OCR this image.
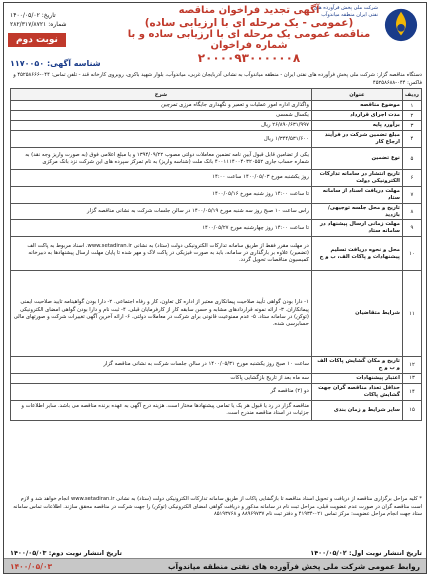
شرکت ملی پخش فرآورده های نفتی ایران منطقه میاندوآب
آگهی تجدید فراخوان مناقصه
(عمومی - یک مرحله ای با ارزیابی ساده)
مناقصه عمومی یک مرحله ای با ارزیابی ساده و با شماره فراخوان
۲۰۰۰۰۹۳۰۰۰۰۰۰۸
تاریخ: ۱۴۰۰/۰۵/۰۲
شماره: ۲۸۲/۳۱۷/۸۷۲۱
نوبت دوم
شناسه آگهی: ۱۱۷۰۰۵۰
دستگاه مناقصه گزار: شرکت ملی پخش فرآورده های نفتی ایران - منطقه میاندوآب به نشانی آذربایجان غربی، میاندوآب، بلوار شهید باکری، روبروی کارخانه قند - تلفن تماس: ۰۴۴-۴۵۲۵۸۶۶۶ و فاکس: ۰۴۴-۴۵۲۵۸۶۸۸
ردیف	عنوان	شرح
۱	موضوع مناقصه	واگذاری اداره امور عملیات و تعمیر و نگهداری جایگاه مرزی تمرچین
۲	مدت اجرای قرارداد	یکسال شمسی
۳	برآورد پایه	۲۶/۸۹۰/۶۳۱/۹۹۷ ریال
۴	مبلغ تضمین شرکت در فرآیند ارجاع کار	۱/۳۴۴/۵۳۱/۶۰۰ ریال
۵	نوع تضمین	یکی از تضامین قابل قبول آیین نامه تضمین معاملات دولتی مصوب ۱۳۹۴/۰۹/۲۲ و یا مبلغ اعلامی فوق (به صورت واریز وجه نقد) به شماره حساب جاری ۴۰۰۱۱۱۴۰۰۴۰۳۲۰۵۵۲ بانک ملت (شناسه واریز) به نام تمرکز سپرده های این شرکت نزد بانک مرکزی
۶	تاریخ انتشار در سامانه تدارکات الکترونیکی دولت	روز یکشنبه مورخ ۱۴۰۰/۰۵/۰۳ ساعت ۱۴:۰۰
۷	مهلت دریافت اسناد از سامانه ستاد	تا ساعت ۱۴:۰۰ روز شنبه مورخ ۱۴۰۰/۰۵/۱۶
۸	تاریخ و محل جلسه توجیهی/بازدید	راس ساعت ۱۰ صبح روز سه شنبه مورخ ۱۴۰۰/۰۵/۱۹ در سالن جلسات شرکت به نشانی مناقصه گزار
۹	مهلت زمانی ارسال پیشنهاد در سامانه ستاد	تا ساعت ۱۴:۰۰ روز چهارشنبه مورخ ۱۴۰۰/۰۵/۲۷
۱۰	محل و نحوه دریافت تسلیم پیشنهادات و پاکات الف، ب و ج	در مهلت مقرر فقط از طریق سامانه تدارکات الکترونیکی دولت (ستاد) به نشانی www.setadiran.ir. اسناد مربوط به پاکت الف (تضمین) علاوه بر بارگذاری در سامانه، باید به صورت فیزیکی در پاکت لاک و مهر شده تا پایان مهلت ارسال پیشنهادها به دبیرخانه کمیسیون مناقصات تحویل گردد.
۱۱	شرایط متقاضیان	۱- دارا بودن گواهی تأیید صلاحیت پیمانکاری معتبر از اداره کل تعاون، کار و رفاه اجتماعی. ۲- دارا بودن گواهینامه تایید صلاحیت ایمنی پیمانکاران. ۳- ارائه نمونه قراردادهای مشابه و حسن سابقه کار از کارفرمایان قبلی. ۴- ثبت نام و دارا بودن گواهی امضای الکترونیکی (توکن) در سامانه ستاد. ۵- عدم ممنوعیت قانونی برای شرکت در معاملات دولتی. ۶- ارائه آخرین آگهی تغییرات شرکت و صورتهای مالی حسابرسی شده.
۱۲	تاریخ و مکان گشایش پاکات الف و ب و ج	ساعت ۱۰ صبح روز یکشنبه مورخ ۱۴۰۰/۰۵/۳۱ در سالن جلسات شرکت به نشانی مناقصه گزار
۱۳	اعتبار پیشنهادات	سه ماه بعد از تاریخ بازگشایی پاکات
۱۴	حداقل تعداد مناقصه گران جهت گشایش پاکات	دو (۲) مناقصه گر
۱۵	سایر شرایط و زمان بندی	مناقصه گزار در رد یا قبول هر یک یا تمامی پیشنهادها مختار است. هزینه درج آگهی به عهده برنده مناقصه می باشد. سایر اطلاعات و جزئیات در اسناد مناقصه مندرج است.
* کلیه مراحل برگزاری مناقصه از دریافت و تحویل اسناد مناقصه تا بازگشایی پاکات از طریق سامانه تدارکات الکترونیکی دولت (ستاد) به نشانی www.setadiran.ir انجام خواهد شد و لازم است مناقصه گران در صورت عدم عضویت قبلی، مراحل ثبت نام در سامانه مذکور و دریافت گواهی امضای الکترونیکی (توکن) را جهت شرکت در مناقصه محقق سازند. اطلاعات تماس سامانه ستاد جهت انجام مراحل عضویت: مرکز تماس ۰۲۱-۴۱۹۳۴ و دفتر ثبت نام ۸۸۹۶۹۷۳۷ و ۸۵۱۹۳۷۶۸
تاریخ انتشار نوبت اول: ۱۴۰۰/۰۵/۰۲
تاریخ انتشار نوبت دوم: ۱۴۰۰/۰۵/۰۳
روابط عمومی شرکت ملی پخش فرآورده های نفتی منطقه میاندوآب
۱۴۰۰/۰۵/۰۳
